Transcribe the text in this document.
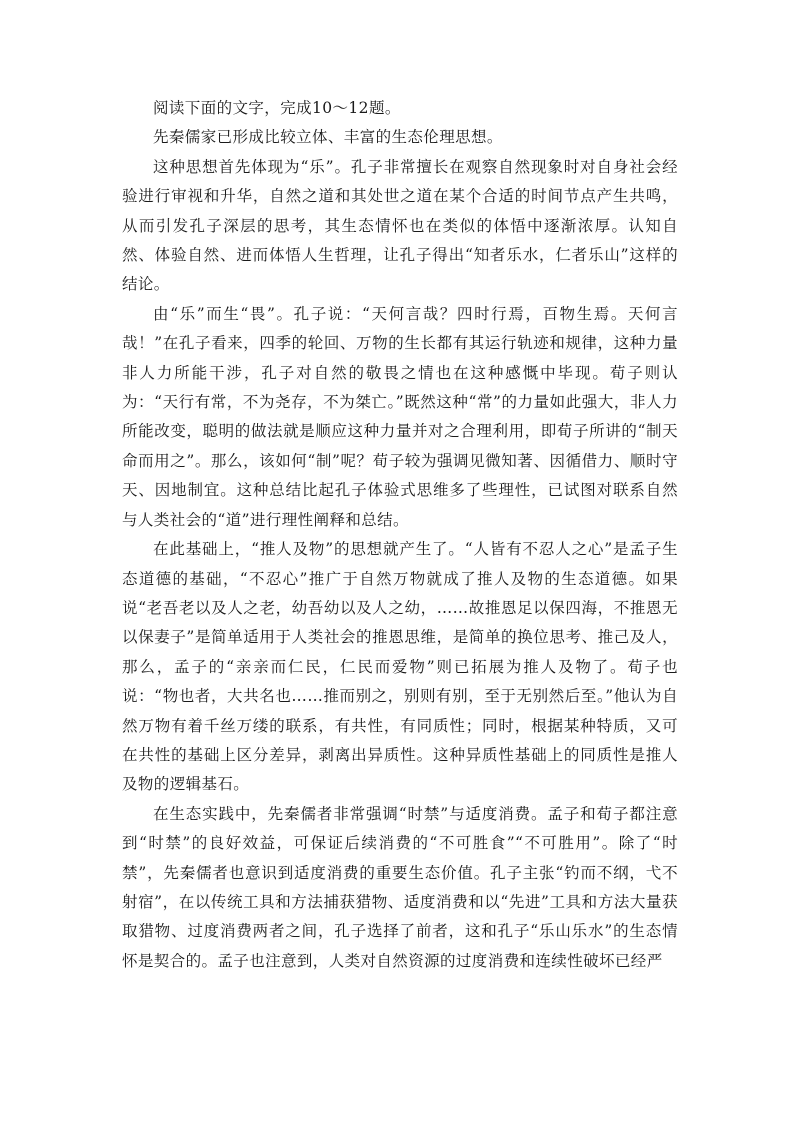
阅读下面的文字，完成10～12题。

先秦儒家已形成比较立体、丰富的生态伦理思想。

这种思想首先体现为“乐”。孔子非常擅长在观察自然现象时对自身社会经验进行审视和升华，自然之道和其处世之道在某个合适的时间节点产生共鸣，从而引发孔子深层的思考，其生态情怀也在类似的体悟中逐渐浓厚。认知自然、体验自然、进而体悟人生哲理，让孔子得出“知者乐水，仁者乐山”这样的结论。

由“乐”而生“畏”。孔子说：“天何言哉？四时行焉，百物生焉。天何言哉！”在孔子看来，四季的轮回、万物的生长都有其运行轨迹和规律，这种力量非人力所能干涉，孔子对自然的敬畏之情也在这种感慨中毕现。荀子则认为：“天行有常，不为尧存，不为桀亡。”既然这种“常”的力量如此强大，非人力所能改变，聪明的做法就是顺应这种力量并对之合理利用，即荀子所讲的“制天命而用之”。那么，该如何“制”呢？荀子较为强调见微知著、因循借力、顺时守天、因地制宜。这种总结比起孔子体验式思维多了些理性，已试图对联系自然与人类社会的“道”进行理性阐释和总结。

在此基础上，“推人及物”的思想就产生了。“人皆有不忍人之心”是孟子生态道德的基础，“不忍心”推广于自然万物就成了推人及物的生态道德。如果说“老吾老以及人之老，幼吾幼以及人之幼，……故推恩足以保四海，不推恩无以保妻子”是简单适用于人类社会的推恩思维，是简单的换位思考、推己及人，那么，孟子的“亲亲而仁民，仁民而爱物”则已拓展为推人及物了。荀子也说：“物也者，大共名也……推而别之，别则有别，至于无别然后至。”他认为自然万物有着千丝万缕的联系，有共性，有同质性；同时，根据某种特质，又可在共性的基础上区分差异，剥离出异质性。这种异质性基础上的同质性是推人及物的逻辑基石。

在生态实践中，先秦儒者非常强调“时禁”与适度消费。孟子和荀子都注意到“时禁”的良好效益，可保证后续消费的“不可胜食”“不可胜用”。除了“时禁”，先秦儒者也意识到适度消费的重要生态价值。孔子主张“钓而不纲，弋不射宿”，在以传统工具和方法捕获猎物、适度消费和以“先进”工具和方法大量获取猎物、过度消费两者之间，孔子选择了前者，这和孔子“乐山乐水”的生态情怀是契合的。孟子也注意到，人类对自然资源的过度消费和连续性破坏已经严
